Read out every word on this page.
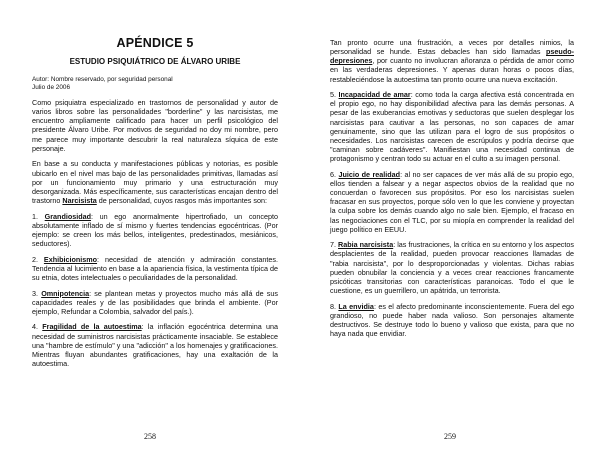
APÉNDICE 5
ESTUDIO PSIQUIÁTRICO DE ÁLVARO URIBE
Autor: Nombre reservado, por seguridad personal
Julio de 2006

Como psiquiatra especializado en trastornos de personalidad y autor de varios libros sobre las personalidades "borderline" y las narcisistas, me encuentro ampliamente calificado para hacer un perfil psicológico del presidente Álvaro Uribe. Por motivos de seguridad no doy mi nombre, pero me parece muy importante descubrir la real naturaleza síquica de este personaje.

En base a su conducta y manifestaciones públicas y notorias, es posible ubicarlo en el nivel mas bajo de las personalidades primitivas, llamadas así por un funcionamiento muy primario y una estructuración muy desorganizada. Más específicamente, sus características encajan dentro del trastorno Narcisista de personalidad, cuyos rasgos más importantes son:

1. Grandiosidad: un ego anormalmente hipertrofiado, un concepto absolutamente inflado de sí mismo y fuertes tendencias egocéntricas. (Por ejemplo: se creen los más bellos, inteligentes, predestinados, mesiánicos, seductores).

2. Exhibicionismo: necesidad de atención y admiración constantes. Tendencia al lucimiento en base a la apariencia física, la vestimenta típica de su etnia, dotes intelectuales o peculiaridades de la personalidad.

3. Omnipotencia: se plantean metas y proyectos mucho más allá de sus capacidades reales y de las posibilidades que brinda el ambiente. (Por ejemplo, Refundar a Colombia, salvador del país.).

4. Fragilidad de la autoestima: la inflación egocéntrica determina una necesidad de suministros narcisistas prácticamente insaciable. Se establece una "hambre de estímulo" y una "adicción" a los homenajes y gratificaciones. Mientras fluyan abundantes gratificaciones, hay una exaltación de la autoestima.

258

Tan pronto ocurre una frustración, a veces por detalles nimios, la personalidad se hunde. Estas debacles han sido llamadas pseudo-depresiones, por cuanto no involucran añoranza o pérdida de amor como en las verdaderas depresiones. Y apenas duran horas o pocos días, restableciéndose la autoestima tan pronto ocurre una nueva excitación.

5. Incapacidad de amar: como toda la carga afectiva está concentrada en el propio ego, no hay disponibilidad afectiva para las demás personas. A pesar de las exuberancias emotivas y seductoras que suelen desplegar los narcisistas para cautivar a las personas, no son capaces de amar genuinamente, sino que las utilizan para el logro de sus propósitos o necesidades. Los narcisistas carecen de escrúpulos y podría decirse que "caminan sobre cadáveres". Manifiestan una necesidad continua de protagonismo y centran todo su actuar en el culto a su imagen personal.

6. Juicio de realidad: al no ser capaces de ver más allá de su propio ego, ellos tienden a falsear y a negar aspectos obvios de la realidad que no concuerdan o favorecen sus propósitos. Por eso los narcisistas suelen fracasar en sus proyectos, porque sólo ven lo que les conviene y proyectan la culpa sobre los demás cuando algo no sale bien. Ejemplo, el fracaso en las negociaciones con el TLC, por su miopía en comprender la realidad del juego político en EEUU.

7. Rabia narcisista: las frustraciones, la crítica en su entorno y los aspectos desplacientes de la realidad, pueden provocar reacciones llamadas de "rabia narcisista", por lo desproporcionadas y violentas. Dichas rabias pueden obnubilar la conciencia y a veces crear reacciones francamente psicóticas transitorias con características paranoicas. Todo el que le cuestione, es un guerrillero, un apátrida, un terrorista.

8. La envidia: es el afecto predominante inconscientemente. Fuera del ego grandioso, no puede haber nada valioso. Son personajes altamente destructivos. Se destruye todo lo bueno y valioso que exista, para que no haya nada que envidiar.

259
